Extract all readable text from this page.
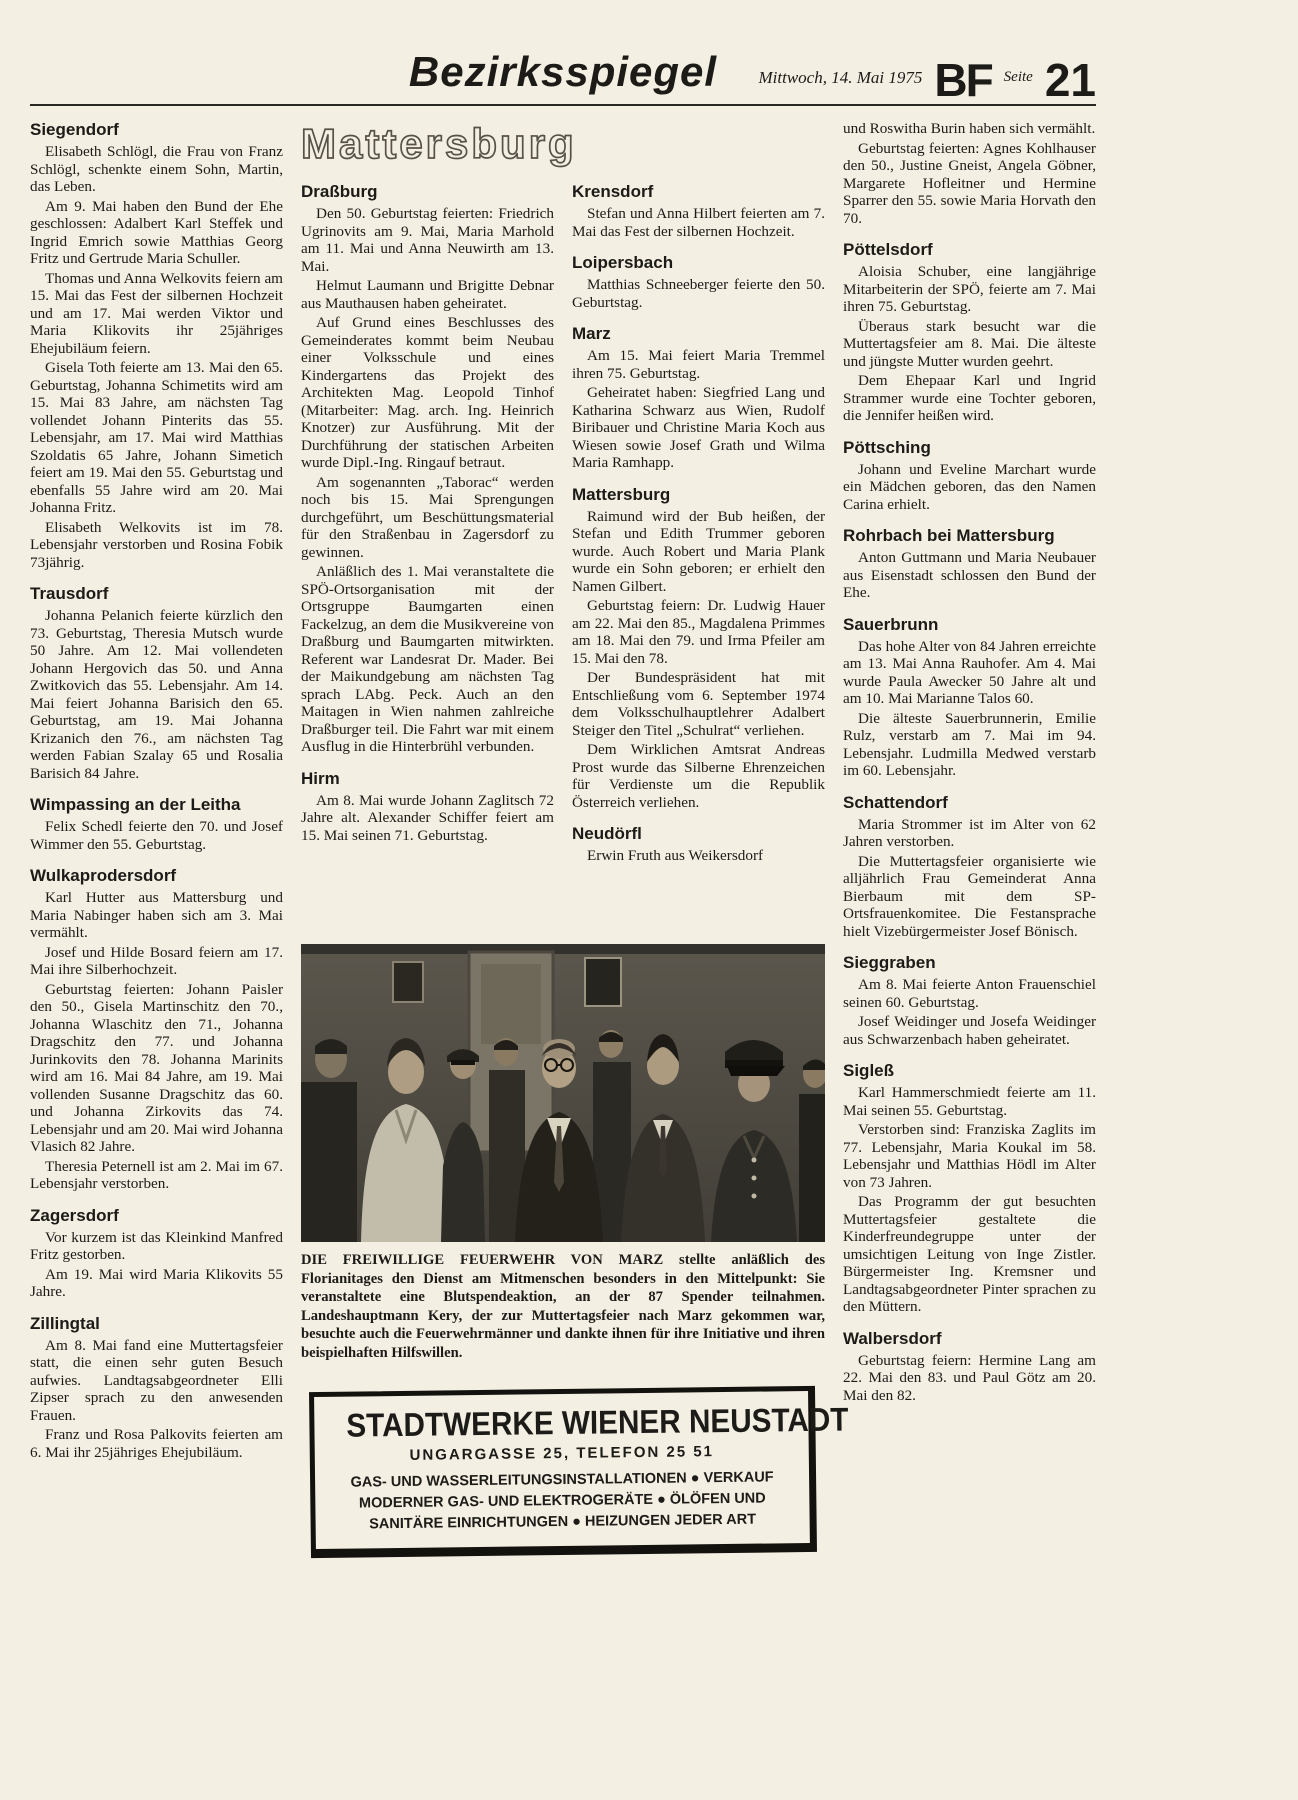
Bezirksspiegel Mittwoch, 14. Mai 1975 BF Seite 21
Siegendorf

Elisabeth Schlögl, die Frau von Franz Schlögl, schenkte einem Sohn, Martin, das Leben.

Am 9. Mai haben den Bund der Ehe geschlossen: Adalbert Karl Steffek und Ingrid Emrich sowie Matthias Georg Fritz und Gertrude Maria Schuller.

Thomas und Anna Welkovits feiern am 15. Mai das Fest der silbernen Hochzeit und am 17. Mai werden Viktor und Maria Klikovits ihr 25jähriges Ehejubiläum feiern.

Gisela Toth feierte am 13. Mai den 65. Geburtstag, Johanna Schimetits wird am 15. Mai 83 Jahre, am nächsten Tag vollendet Johann Pinterits das 55. Lebensjahr, am 17. Mai wird Matthias Szoldatis 65 Jahre, Johann Simetich feiert am 19. Mai den 55. Geburtstag und ebenfalls 55 Jahre wird am 20. Mai Johanna Fritz.

Elisabeth Welkovits ist im 78. Lebensjahr verstorben und Rosina Fobik 73jährig.

Trausdorf

Johanna Pelanich feierte kürzlich den 73. Geburtstag, Theresia Mutsch wurde 50 Jahre. Am 12. Mai vollendeten Johann Hergovich das 50. und Anna Zwitkovich das 55. Lebensjahr. Am 14. Mai feiert Johanna Barisich den 65. Geburtstag, am 19. Mai Johanna Krizanich den 76., am nächsten Tag werden Fabian Szalay 65 und Rosalia Barisich 84 Jahre.

Wimpassing an der Leitha

Felix Schedl feierte den 70. und Josef Wimmer den 55. Geburtstag.

Wulkaprodersdorf

Karl Hutter aus Mattersburg und Maria Nabinger haben sich am 3. Mai vermählt.

Josef und Hilde Bosard feiern am 17. Mai ihre Silberhochzeit.

Geburtstag feierten: Johann Paisler den 50., Gisela Martinschitz den 70., Johanna Wlaschitz den 71., Johanna Dragschitz den 77. und Johanna Jurinkovits den 78. Johanna Marinits wird am 16. Mai 84 Jahre, am 19. Mai vollenden Susanne Dragschitz das 60. und Johanna Zirkovits das 74. Lebensjahr und am 20. Mai wird Johanna Vlasich 82 Jahre.

Theresia Peternell ist am 2. Mai im 67. Lebensjahr verstorben.

Zagersdorf

Vor kurzem ist das Kleinkind Manfred Fritz gestorben.

Am 19. Mai wird Maria Klikovits 55 Jahre.

Zillingtal

Am 8. Mai fand eine Muttertagsfeier statt, die einen sehr guten Besuch aufwies. Landtagsabgeordneter Elli Zipser sprach zu den anwesenden Frauen.

Franz und Rosa Palkovits feierten am 6. Mai ihr 25jähriges Ehejubiläum.

Mattersburg
Draßburg

Den 50. Geburtstag feierten: Friedrich Ugrinovits am 9. Mai, Maria Marhold am 11. Mai und Anna Neuwirth am 13. Mai.

Helmut Laumann und Brigitte Debnar aus Mauthausen haben geheiratet.

Auf Grund eines Beschlusses des Gemeinderates kommt beim Neubau einer Volksschule und eines Kindergartens das Projekt des Architekten Mag. Leopold Tinhof (Mitarbeiter: Mag. arch. Ing. Heinrich Knotzer) zur Ausführung. Mit der Durchführung der statischen Arbeiten wurde Dipl.-Ing. Ringauf betraut.

Am sogenannten „Taborac“ werden noch bis 15. Mai Sprengungen durchgeführt, um Beschüttungsmaterial für den Straßenbau in Zagersdorf zu gewinnen.

Anläßlich des 1. Mai veranstaltete die SPÖ-Ortsorganisation mit der Ortsgruppe Baumgarten einen Fackelzug, an dem die Musikvereine von Draßburg und Baumgarten mitwirkten. Referent war Landesrat Dr. Mader. Bei der Maikundgebung am nächsten Tag sprach LAbg. Peck. Auch an den Maitagen in Wien nahmen zahlreiche Draßburger teil. Die Fahrt war mit einem Ausflug in die Hinterbrühl verbunden.

Hirm

Am 8. Mai wurde Johann Zaglitsch 72 Jahre alt. Alexander Schiffer feiert am 15. Mai seinen 71. Geburtstag.

Krensdorf

Stefan und Anna Hilbert feierten am 7. Mai das Fest der silbernen Hochzeit.

Loipersbach

Matthias Schneeberger feierte den 50. Geburtstag.

Marz

Am 15. Mai feiert Maria Tremmel ihren 75. Geburtstag.

Geheiratet haben: Siegfried Lang und Katharina Schwarz aus Wien, Rudolf Biribauer und Christine Maria Koch aus Wiesen sowie Josef Grath und Wilma Maria Ramhapp.

Mattersburg

Raimund wird der Bub heißen, der Stefan und Edith Trummer geboren wurde. Auch Robert und Maria Plank wurde ein Sohn geboren; er erhielt den Namen Gilbert.

Geburtstag feiern: Dr. Ludwig Hauer am 22. Mai den 85., Magdalena Primmes am 18. Mai den 79. und Irma Pfeiler am 15. Mai den 78.

Der Bundespräsident hat mit Entschließung vom 6. September 1974 dem Volksschulhauptlehrer Adalbert Steiger den Titel „Schulrat“ verliehen.

Dem Wirklichen Amtsrat Andreas Prost wurde das Silberne Ehrenzeichen für Verdienste um die Republik Österreich verliehen.

Neudörfl

Erwin Fruth aus Weikersdorf

DIE FREIWILLIGE FEUERWEHR VON MARZ stellte anläßlich des Florianitages den Dienst am Mitmenschen besonders in den Mittelpunkt: Sie veranstaltete eine Blutspendeaktion, an der 87 Spender teilnahmen. Landeshauptmann Kery, der zur Muttertagsfeier nach Marz gekommen war, besuchte auch die Feuerwehrmänner und dankte ihnen für ihre Initiative und ihren beispielhaften Hilfswillen.
STADTWERKE WIENER NEUSTADT
UNGARGASSE 25, TELEFON 25 51
GAS- UND WASSERLEITUNGSINSTALLATIONEN ● VERKAUF MODERNER GAS- UND ELEKTROGERÄTE ● ÖLÖFEN UND SANITÄRE EINRICHTUNGEN ● HEIZUNGEN JEDER ART

und Roswitha Burin haben sich vermählt.

Geburtstag feierten: Agnes Kohlhauser den 50., Justine Gneist, Angela Göbner, Margarete Hofleitner und Hermine Sparrer den 55. sowie Maria Horvath den 70.

Pöttelsdorf

Aloisia Schuber, eine langjährige Mitarbeiterin der SPÖ, feierte am 7. Mai ihren 75. Geburtstag.

Überaus stark besucht war die Muttertagsfeier am 8. Mai. Die älteste und jüngste Mutter wurden geehrt.

Dem Ehepaar Karl und Ingrid Strammer wurde eine Tochter geboren, die Jennifer heißen wird.

Pöttsching

Johann und Eveline Marchart wurde ein Mädchen geboren, das den Namen Carina erhielt.

Rohrbach bei Mattersburg

Anton Guttmann und Maria Neubauer aus Eisenstadt schlossen den Bund der Ehe.

Sauerbrunn

Das hohe Alter von 84 Jahren erreichte am 13. Mai Anna Rauhofer. Am 4. Mai wurde Paula Awecker 50 Jahre alt und am 10. Mai Marianne Talos 60.

Die älteste Sauerbrunnerin, Emilie Rulz, verstarb am 7. Mai im 94. Lebensjahr. Ludmilla Medwed verstarb im 60. Lebensjahr.

Schattendorf

Maria Strommer ist im Alter von 62 Jahren verstorben.

Die Muttertagsfeier organisierte wie alljährlich Frau Gemeinderat Anna Bierbaum mit dem SP-Ortsfrauenkomitee. Die Festansprache hielt Vizebürgermeister Josef Bönisch.

Sieggraben

Am 8. Mai feierte Anton Frauenschiel seinen 60. Geburtstag.

Josef Weidinger und Josefa Weidinger aus Schwarzenbach haben geheiratet.

Sigleß

Karl Hammerschmiedt feierte am 11. Mai seinen 55. Geburtstag.

Verstorben sind: Franziska Zaglits im 77. Lebensjahr, Maria Koukal im 58. Lebensjahr und Matthias Hödl im Alter von 73 Jahren.

Das Programm der gut besuchten Muttertagsfeier gestaltete die Kinderfreundegruppe unter der umsichtigen Leitung von Inge Zistler. Bürgermeister Ing. Kremsner und Landtagsabgeordneter Pinter sprachen zu den Müttern.

Walbersdorf

Geburtstag feiern: Hermine Lang am 22. Mai den 83. und Paul Götz am 20. Mai den 82.
